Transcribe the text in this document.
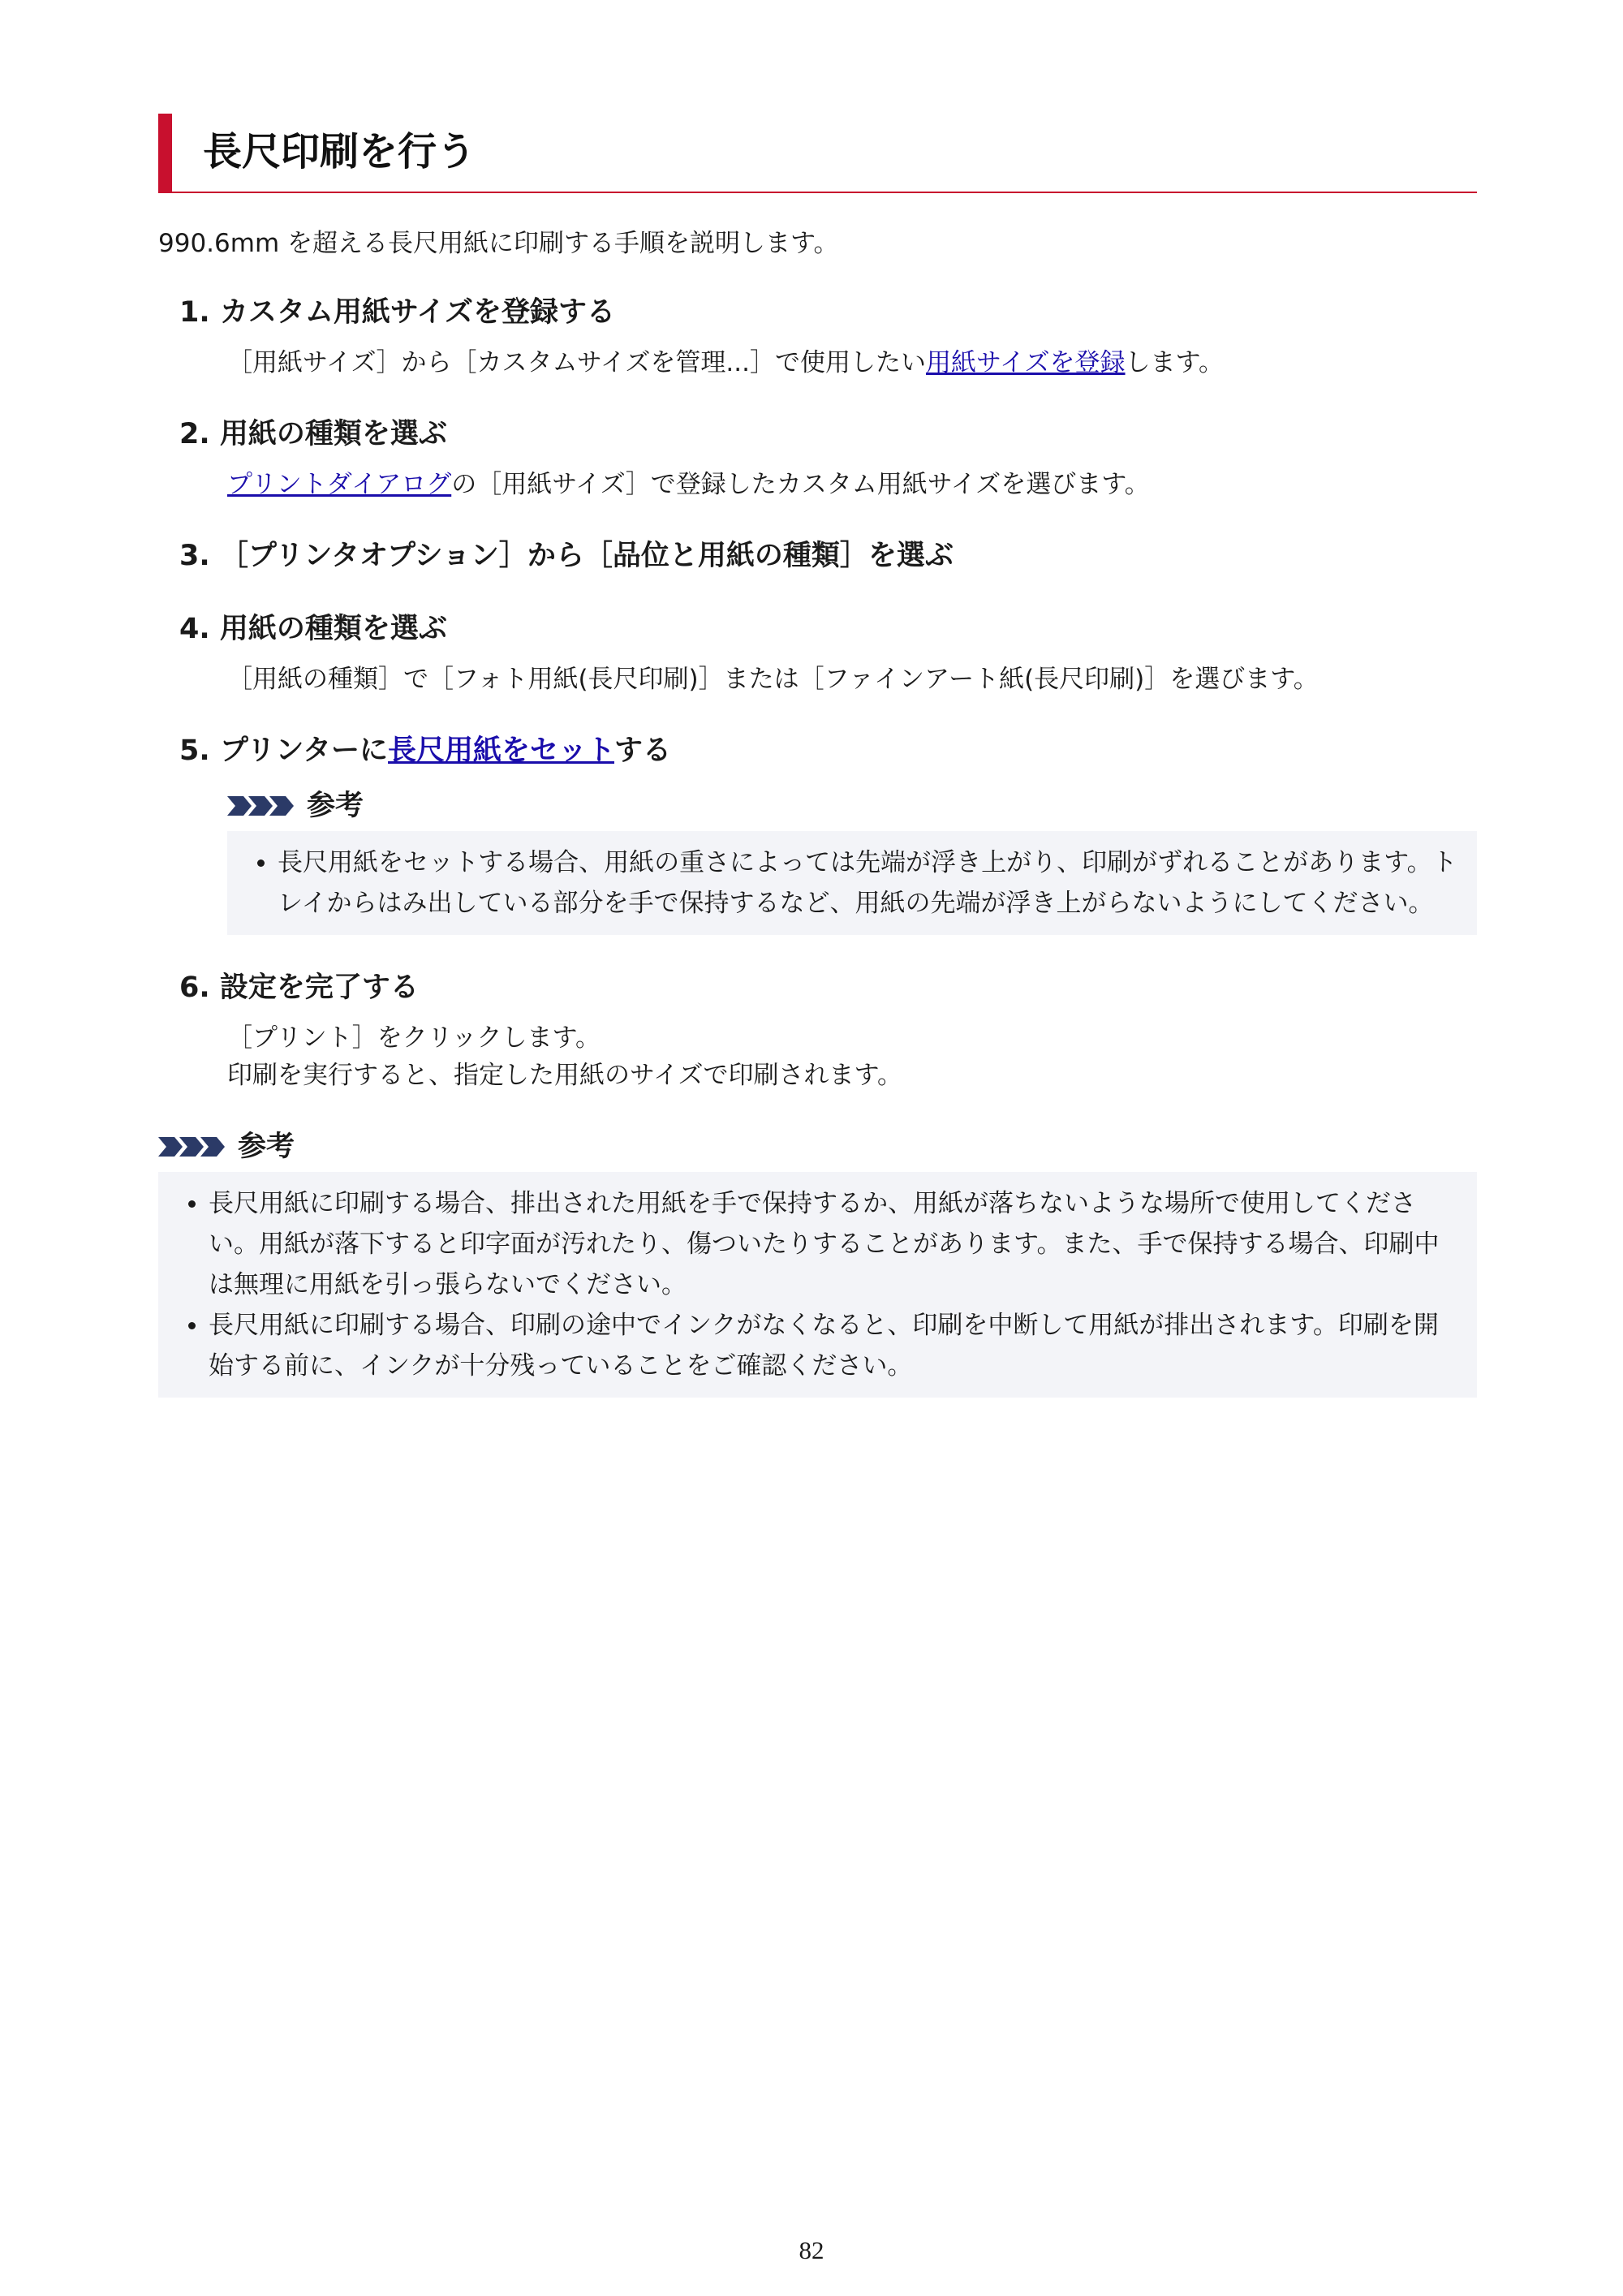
長尺印刷を行う
990.6mm を超える長尺用紙に印刷する手順を説明します。
1. カスタム用紙サイズを登録する
［用紙サイズ］から［カスタムサイズを管理...］で使用したい用紙サイズを登録します。
2. 用紙の種類を選ぶ
プリントダイアログの［用紙サイズ］で登録したカスタム用紙サイズを選びます。
3. ［プリンタオプション］から［品位と用紙の種類］を選ぶ
4. 用紙の種類を選ぶ
［用紙の種類］で［フォト用紙(長尺印刷)］または［ファインアート紙(長尺印刷)］を選びます。
5. プリンターに長尺用紙をセットする
参考
長尺用紙をセットする場合、用紙の重さによっては先端が浮き上がり、印刷がずれることがあります。トレイからはみ出している部分を手で保持するなど、用紙の先端が浮き上がらないようにしてください。
6. 設定を完了する
［プリント］をクリックします。
印刷を実行すると、指定した用紙のサイズで印刷されます。
参考
長尺用紙に印刷する場合、排出された用紙を手で保持するか、用紙が落ちないような場所で使用してください。用紙が落下すると印字面が汚れたり、傷ついたりすることがあります。また、手で保持する場合、印刷中は無理に用紙を引っ張らないでください。
長尺用紙に印刷する場合、印刷の途中でインクがなくなると、印刷を中断して用紙が排出されます。印刷を開始する前に、インクが十分残っていることをご確認ください。
82
